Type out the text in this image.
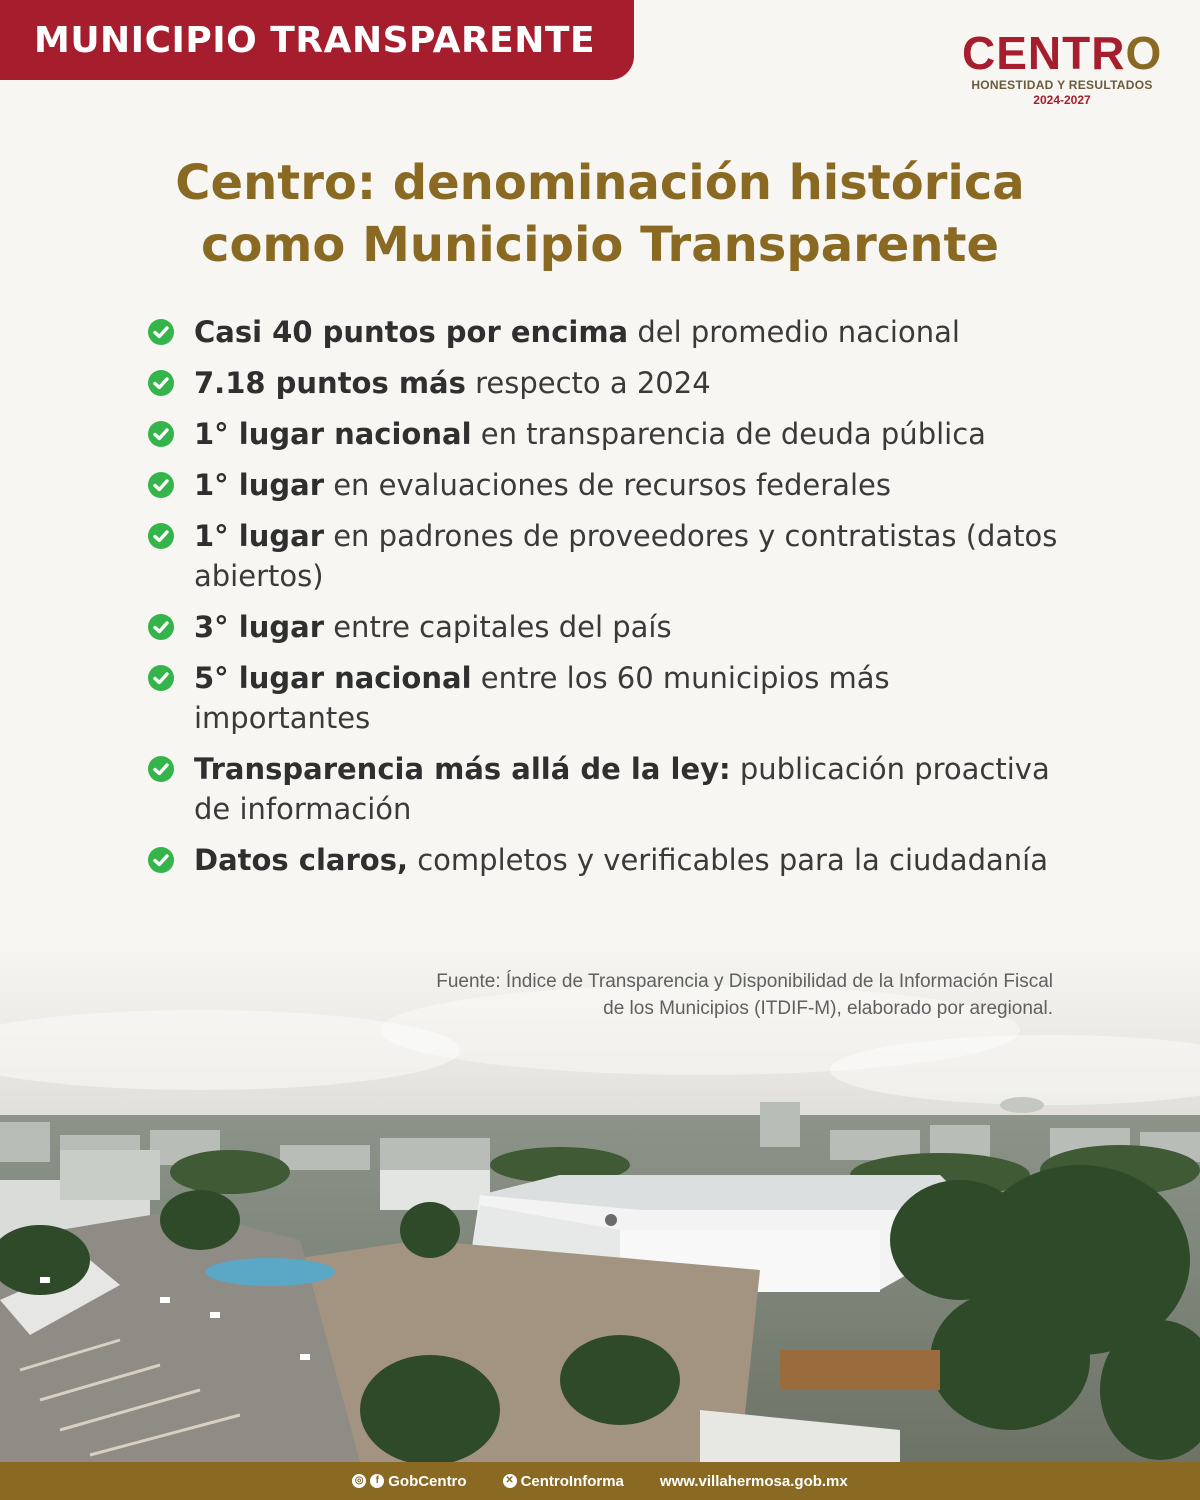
MUNICIPIO TRANSPARENTE	CENTRO
HONESTIDAD Y RESULTADOS
2024-2027
Centro: denominación histórica
como Municipio Transparente
Casi 40 puntos por encima del promedio nacional
7.18 puntos más respecto a 2024
1° lugar nacional en transparencia de deuda pública
1° lugar en evaluaciones de recursos federales
1° lugar en padrones de proveedores y contratistas (datos abiertos)
3° lugar entre capitales del país
5° lugar nacional entre los 60 municipios más importantes
Transparencia más allá de la ley: publicación proactiva de información
Datos claros, completos y verificables para la ciudadanía
Fuente: Índice de Transparencia y Disponibilidad de la Información Fiscal
de los Municipios (ITDIF-M), elaborado por aregional.
◎	f GobCentro	✕ CentroInforma www.villahermosa.gob.mx
